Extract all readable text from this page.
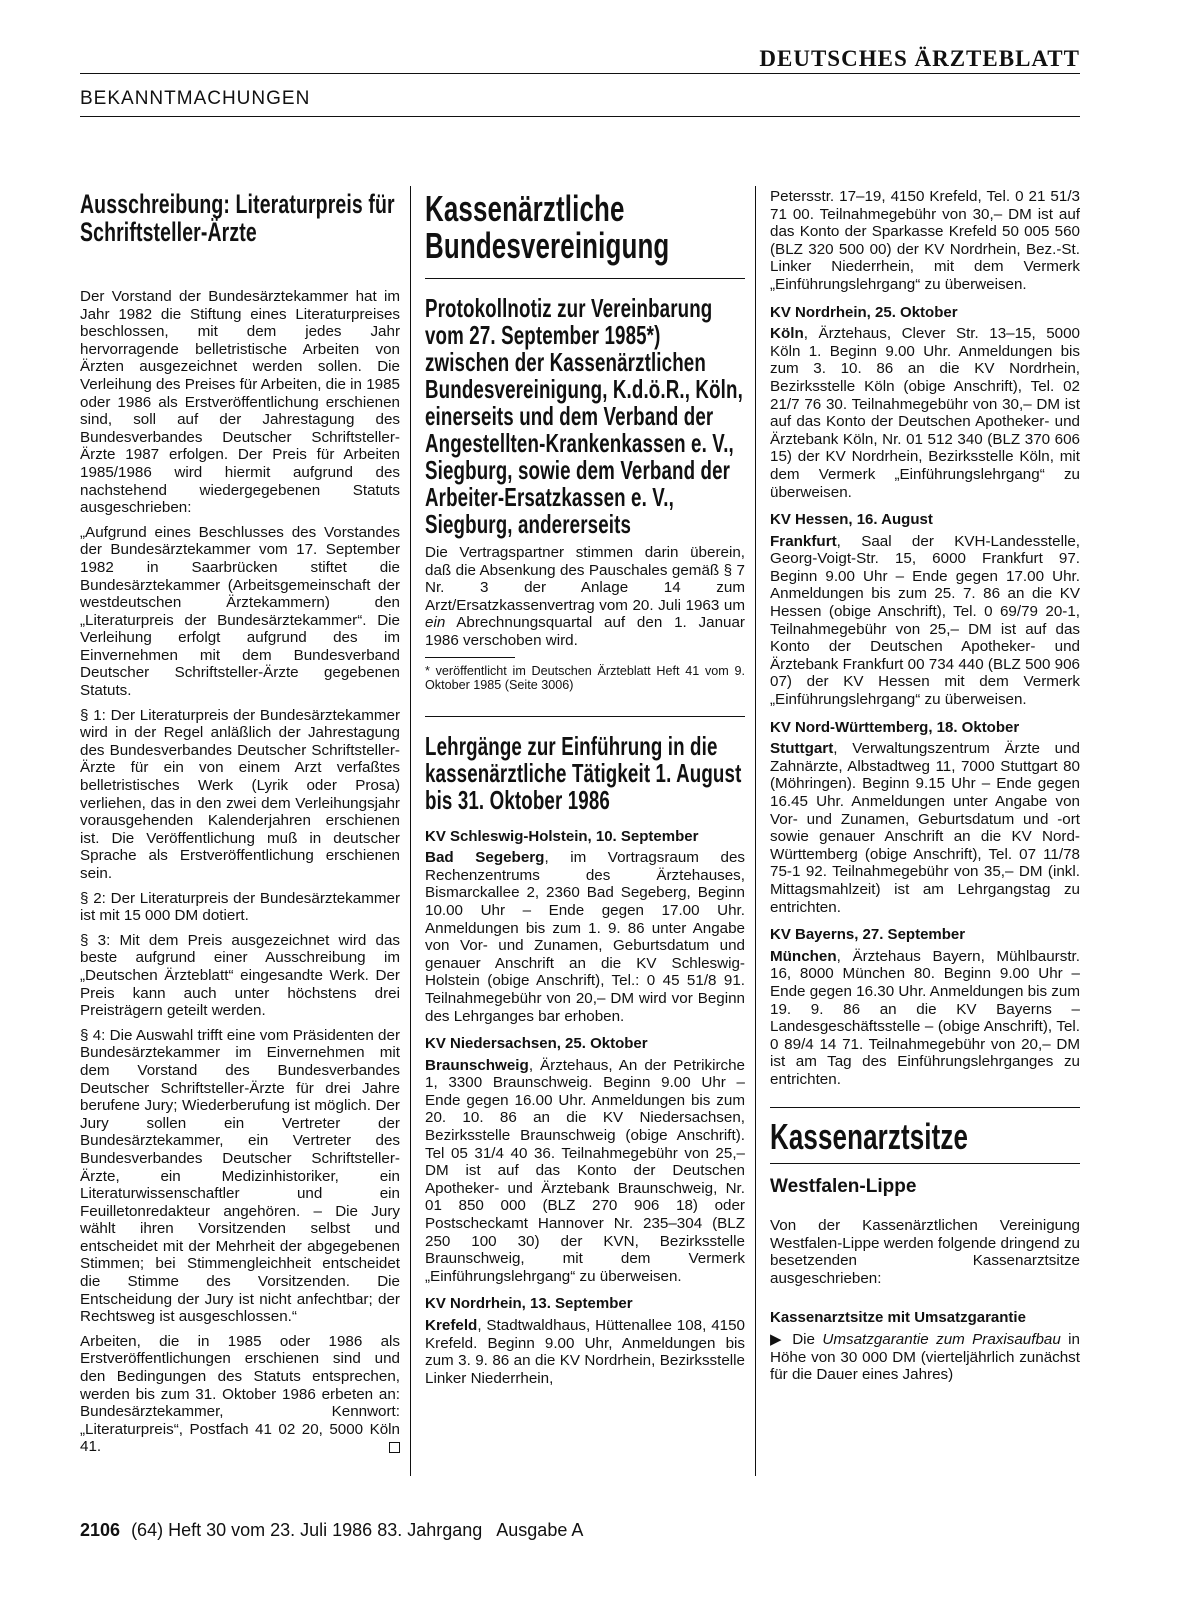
DEUTSCHES ÄRZTEBLATT
BEKANNTMACHUNGEN
Ausschreibung: Literaturpreis für Schriftsteller-Ärzte

Der Vorstand der Bundesärztekammer hat im Jahr 1982 die Stiftung eines Literaturpreises beschlossen, mit dem jedes Jahr hervorragende belletristische Arbeiten von Ärzten ausgezeichnet werden sollen. Die Verleihung des Preises für Arbeiten, die in 1985 oder 1986 als Erstveröffentlichung erschienen sind, soll auf der Jahrestagung des Bundesverbandes Deutscher Schriftsteller-Ärzte 1987 erfolgen. Der Preis für Arbeiten 1985/1986 wird hiermit aufgrund des nachstehend wiedergegebenen Statuts ausgeschrieben:

„Aufgrund eines Beschlusses des Vorstandes der Bundesärztekammer vom 17. September 1982 in Saarbrücken stiftet die Bundesärztekammer (Arbeitsgemeinschaft der westdeutschen Ärztekammern) den „Literaturpreis der Bundesärztekammer“. Die Verleihung erfolgt aufgrund des im Einvernehmen mit dem Bundesverband Deutscher Schriftsteller-Ärzte gegebenen Statuts.

§ 1: Der Literaturpreis der Bundesärztekammer wird in der Regel anläßlich der Jahrestagung des Bundesverbandes Deutscher Schriftsteller-Ärzte für ein von einem Arzt verfaßtes belletristisches Werk (Lyrik oder Prosa) verliehen, das in den zwei dem Verleihungsjahr vorausgehenden Kalenderjahren erschienen ist. Die Veröffentlichung muß in deutscher Sprache als Erstveröffentlichung erschienen sein.

§ 2: Der Literaturpreis der Bundesärztekammer ist mit 15 000 DM dotiert.

§ 3: Mit dem Preis ausgezeichnet wird das beste aufgrund einer Ausschreibung im „Deutschen Ärzteblatt“ eingesandte Werk. Der Preis kann auch unter höchstens drei Preisträgern geteilt werden.

§ 4: Die Auswahl trifft eine vom Präsidenten der Bundesärztekammer im Einvernehmen mit dem Vorstand des Bundesverbandes Deutscher Schriftsteller-Ärzte für drei Jahre berufene Jury; Wiederberufung ist möglich. Der Jury sollen ein Vertreter der Bundesärztekammer, ein Vertreter des Bundesverbandes Deutscher Schriftsteller-Ärzte, ein Medizinhistoriker, ein Literaturwissenschaftler und ein Feuilletonredakteur angehören. – Die Jury wählt ihren Vorsitzenden selbst und entscheidet mit der Mehrheit der abgegebenen Stimmen; bei Stimmengleichheit entscheidet die Stimme des Vorsitzenden. Die Entscheidung der Jury ist nicht anfechtbar; der Rechtsweg ist ausgeschlossen.“

Arbeiten, die in 1985 oder 1986 als Erstveröffentlichungen erschienen sind und den Bedingungen des Statuts entsprechen, werden bis zum 31. Oktober 1986 erbeten an: Bundesärztekammer, Kennwort: „Literaturpreis“, Postfach 41 02 20, 5000 Köln 41.

Kassenärztliche Bundesvereinigung
Protokollnotiz zur Vereinbarung vom 27. September 1985*) zwischen der Kassenärztlichen Bundesvereinigung, K.d.ö.R., Köln, einerseits und dem Verband der Angestellten-Krankenkassen e. V., Siegburg, sowie dem Verband der Arbeiter-Ersatzkassen e. V., Siegburg, andererseits

Die Vertragspartner stimmen darin überein, daß die Absenkung des Pauschales gemäß § 7 Nr. 3 der Anlage 14 zum Arzt/Ersatzkassenvertrag vom 20. Juli 1963 um ein Abrechnungsquartal auf den 1. Januar 1986 verschoben wird.

* veröffentlicht im Deutschen Ärzteblatt Heft 41 vom 9. Oktober 1985 (Seite 3006)

Lehrgänge zur Einführung in die kassenärztliche Tätigkeit 1. August bis 31. Oktober 1986
KV Schleswig-Holstein, 10. September

Bad Segeberg, im Vortragsraum des Rechenzentrums des Ärztehauses, Bismarckallee 2, 2360 Bad Segeberg, Beginn 10.00 Uhr – Ende gegen 17.00 Uhr. Anmeldungen bis zum 1. 9. 86 unter Angabe von Vor- und Zunamen, Geburtsdatum und genauer Anschrift an die KV Schleswig-Holstein (obige Anschrift), Tel.: 0 45 51/8 91. Teilnahmegebühr von 20,– DM wird vor Beginn des Lehrganges bar erhoben.

KV Niedersachsen, 25. Oktober

Braunschweig, Ärztehaus, An der Petrikirche 1, 3300 Braunschweig. Beginn 9.00 Uhr – Ende gegen 16.00 Uhr. Anmeldungen bis zum 20. 10. 86 an die KV Niedersachsen, Bezirksstelle Braunschweig (obige Anschrift). Tel 05 31/4 40 36. Teilnahmegebühr von 25,– DM ist auf das Konto der Deutschen Apotheker- und Ärztebank Braunschweig, Nr. 01 850 000 (BLZ 270 906 18) oder Postscheckamt Hannover Nr. 235–304 (BLZ 250 100 30) der KVN, Bezirksstelle Braunschweig, mit dem Vermerk „Einführungslehrgang“ zu überweisen.

KV Nordrhein, 13. September

Krefeld, Stadtwaldhaus, Hüttenallee 108, 4150 Krefeld. Beginn 9.00 Uhr, Anmeldungen bis zum 3. 9. 86 an die KV Nordrhein, Bezirksstelle Linker Niederrhein,

Petersstr. 17–19, 4150 Krefeld, Tel. 0 21 51/3 71 00. Teilnahmegebühr von 30,– DM ist auf das Konto der Sparkasse Krefeld 50 005 560 (BLZ 320 500 00) der KV Nordrhein, Bez.-St. Linker Niederrhein, mit dem Vermerk „Einführungslehrgang“ zu überweisen.

KV Nordrhein, 25. Oktober

Köln, Ärztehaus, Clever Str. 13–15, 5000 Köln 1. Beginn 9.00 Uhr. Anmeldungen bis zum 3. 10. 86 an die KV Nordrhein, Bezirksstelle Köln (obige Anschrift), Tel. 02 21/7 76 30. Teilnahmegebühr von 30,– DM ist auf das Konto der Deutschen Apotheker- und Ärztebank Köln, Nr. 01 512 340 (BLZ 370 606 15) der KV Nordrhein, Bezirksstelle Köln, mit dem Vermerk „Einführungslehrgang“ zu überweisen.

KV Hessen, 16. August

Frankfurt, Saal der KVH-Landesstelle, Georg-Voigt-Str. 15, 6000 Frankfurt 97. Beginn 9.00 Uhr – Ende gegen 17.00 Uhr. Anmeldungen bis zum 25. 7. 86 an die KV Hessen (obige Anschrift), Tel. 0 69/79 20-1, Teilnahmegebühr von 25,– DM ist auf das Konto der Deutschen Apotheker- und Ärztebank Frankfurt 00 734 440 (BLZ 500 906 07) der KV Hessen mit dem Vermerk „Einführungslehrgang“ zu überweisen.

KV Nord-Württemberg, 18. Oktober

Stuttgart, Verwaltungszentrum Ärzte und Zahnärzte, Albstadtweg 11, 7000 Stuttgart 80 (Möhringen). Beginn 9.15 Uhr – Ende gegen 16.45 Uhr. Anmeldungen unter Angabe von Vor- und Zunamen, Geburtsdatum und -ort sowie genauer Anschrift an die KV Nord-Württemberg (obige Anschrift), Tel. 07 11/78 75-1 92. Teilnahmegebühr von 35,– DM (inkl. Mittagsmahlzeit) ist am Lehrgangstag zu entrichten.

KV Bayerns, 27. September

München, Ärztehaus Bayern, Mühlbaurstr. 16, 8000 München 80. Beginn 9.00 Uhr – Ende gegen 16.30 Uhr. Anmeldungen bis zum 19. 9. 86 an die KV Bayerns – Landesgeschäftsstelle – (obige Anschrift), Tel. 0 89/4 14 71. Teilnahmegebühr von 20,– DM ist am Tag des Einführungslehrganges zu entrichten.

Kassenarztsitze
Westfalen-Lippe

Von der Kassenärztlichen Vereinigung Westfalen-Lippe werden folgende dringend zu besetzenden Kassenarztsitze ausgeschrieben:

Kassenarztsitze mit Umsatzgarantie

▶ Die Umsatzgarantie zum Praxisaufbau in Höhe von 30 000 DM (vierteljährlich zunächst für die Dauer eines Jahres)

2106 (64) Heft 30 vom 23. Juli 1986 83. Jahrgang   Ausgabe A
